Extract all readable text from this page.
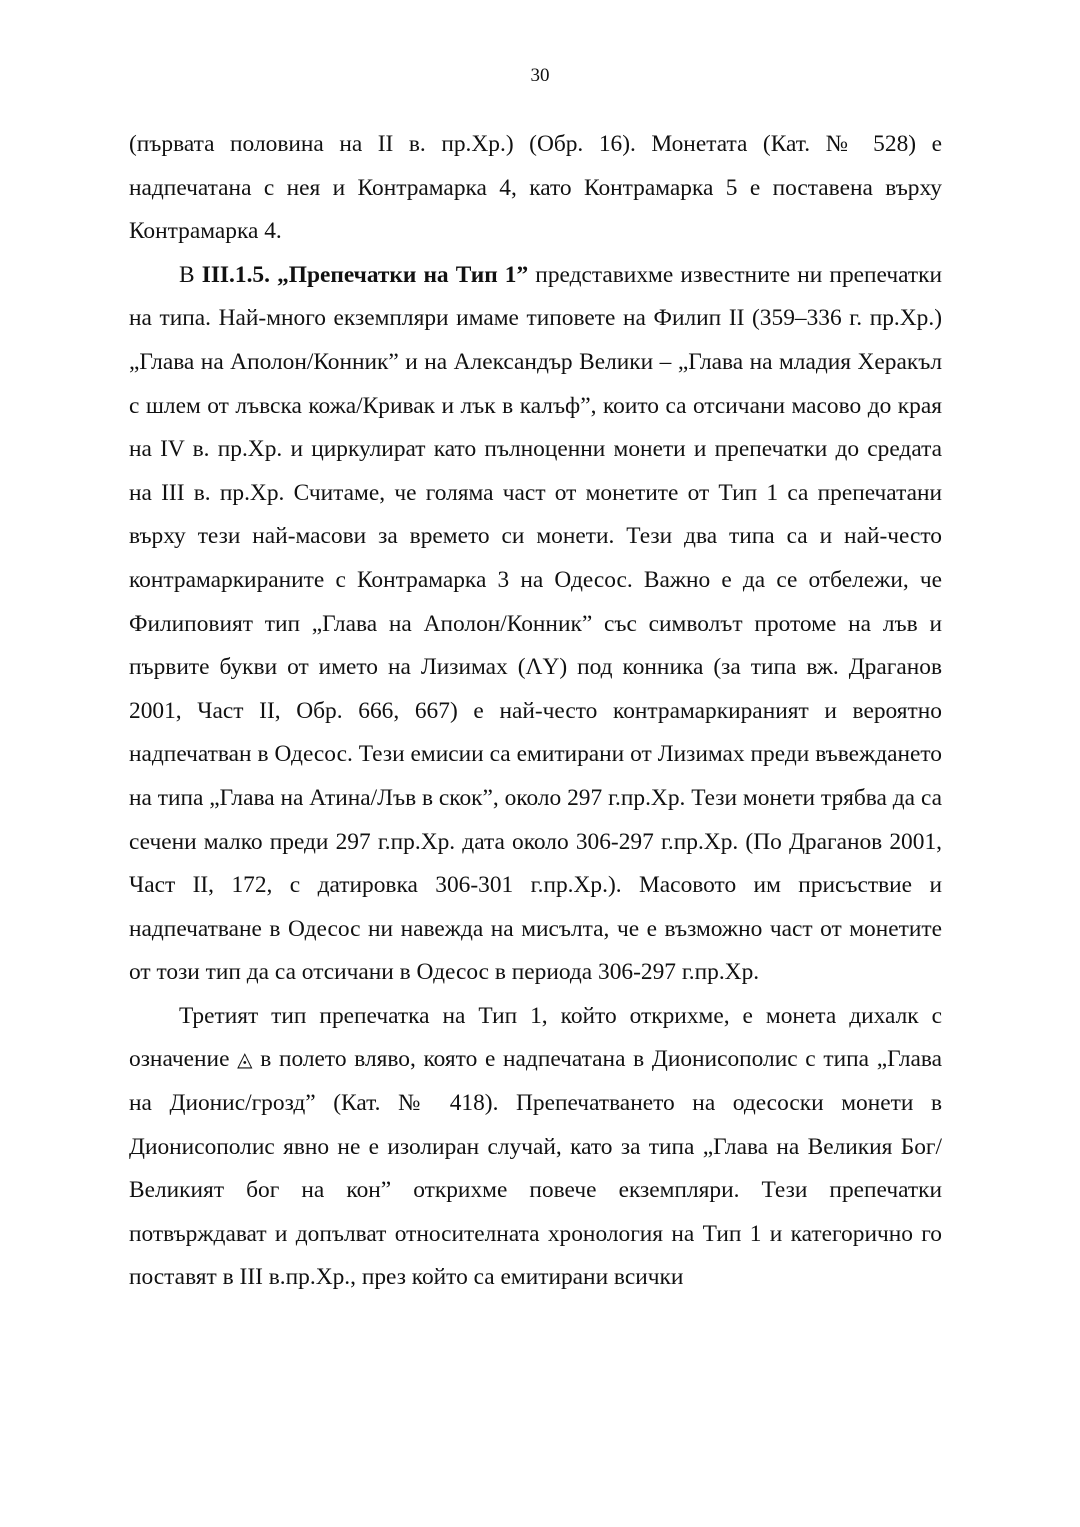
30

(първата половина на II в. пр.Хр.) (Обр. 16). Монетата (Кат. № 528) е надпечатана с нея и Контрамарка 4, като Контрамарка 5 е поставена върху Контрамарка 4.

В III.1.5. „Препечатки на Тип 1” представихме известните ни препечатки на типа. Най-много екземпляри имаме типовете на Филип II (359–336 г. пр.Хр.) „Глава на Аполон/Конник” и на Александър Велики – „Глава на младия Херакъл с шлем от лъвска кожа/Кривак и лък в калъф”, които са отсичани масово до края на IV в. пр.Хр. и циркулират като пълноценни монети и препечатки до средата на III в. пр.Хр. Считаме, че голяма част от монетите от Тип 1 са препечатани върху тези най-масови за времето си монети. Тези два типа са и най-често контрамаркираните с Контрамарка 3 на Одесос. Важно е да се отбележи, че Филиповият тип „Глава на Аполон/Конник” със символът протоме на лъв и първите букви от името на Лизимах (ΛY) под конника (за типа вж. Драганов 2001, Част II, Обр. 666, 667) е най-често контрамаркираният и вероятно надпечатван в Одесос. Тези емисии са емитирани от Лизимах преди въвеждането на типа „Глава на Атина/Лъв в скок”, около 297 г.пр.Хр. Тези монети трябва да са сечени малко преди 297 г.пр.Хр. дата около 306-297 г.пр.Хр. (По Драганов 2001, Част II, 172, с датировка 306-301 г.пр.Хр.). Масовото им присъствие и надпечатване в Одесос ни навежда на мисълта, че е възможно част от монетите от този тип да са отсичани в Одесос в периода 306-297 г.пр.Хр.

Третият тип препечатка на Тип 1, който открихме, е монета дихалк с означение ◬ в полето вляво, която е надпечатана в Дионисополис с типа „Глава на Дионис/грозд” (Кат. № 418). Препечатването на одесоски монети в Дионисополис явно не е изолиран случай, като за типа „Глава на Великия Бог/Великият бог на кон” открихме повече екземпляри. Тези препечатки потвърждават и допълват относителната хронология на Тип 1 и категорично го поставят в III в.пр.Хр., през който са емитирани всички
